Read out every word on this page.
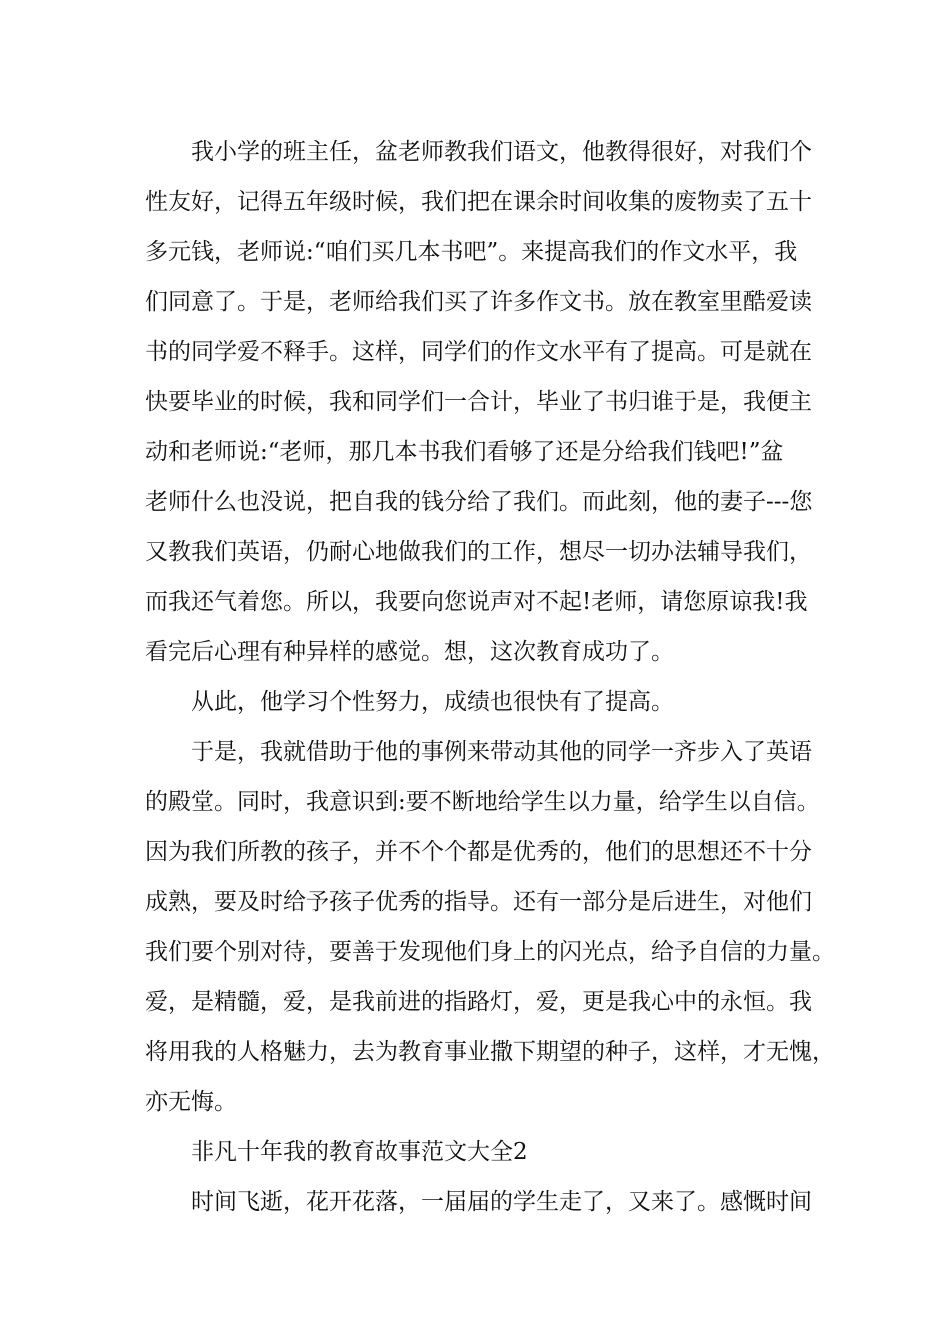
我小学的班主任，盆老师教我们语文，他教得很好，对我们个
性友好，记得五年级时候，我们把在课余时间收集的废物卖了五十
多元钱，老师说:“咱们买几本书吧”。来提高我们的作文水平，我
们同意了。于是，老师给我们买了许多作文书。放在教室里酷爱读
书的同学爱不释手。这样，同学们的作文水平有了提高。可是就在
快要毕业的时候，我和同学们一合计，毕业了书归谁于是，我便主
动和老师说:“老师，那几本书我们看够了还是分给我们钱吧!”盆
老师什么也没说，把自我的钱分给了我们。而此刻，他的妻子---您
又教我们英语，仍耐心地做我们的工作，想尽一切办法辅导我们，
而我还气着您。所以，我要向您说声对不起!老师，请您原谅我!我
看完后心理有种异样的感觉。想，这次教育成功了。
从此，他学习个性努力，成绩也很快有了提高。
于是，我就借助于他的事例来带动其他的同学一齐步入了英语
的殿堂。同时，我意识到:要不断地给学生以力量，给学生以自信。
因为我们所教的孩子，并不个个都是优秀的，他们的思想还不十分
成熟，要及时给予孩子优秀的指导。还有一部分是后进生，对他们
我们要个别对待，要善于发现他们身上的闪光点，给予自信的力量。
爱，是精髓，爱，是我前进的指路灯，爱，更是我心中的永恒。我
将用我的人格魅力，去为教育事业撒下期望的种子，这样，才无愧，
亦无悔。
非凡十年我的教育故事范文大全2
时间飞逝，花开花落，一届届的学生走了，又来了。感慨时间
